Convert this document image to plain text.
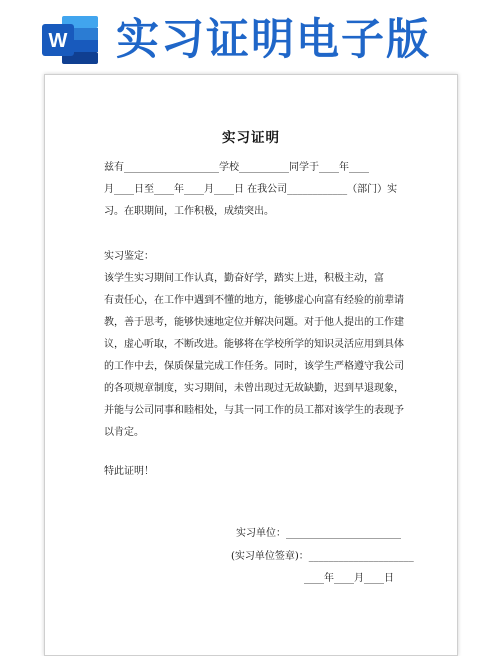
W 实习证明电子版
实习证明
兹有___________________学校__________同学于____年____
月____日至____年____月____日 在我公司____________（部门）实
习。在职期间，工作积极，成绩突出。
实习鉴定：
该学生实习期间工作认真，勤奋好学，踏实上进，积极主动，富
有责任心，在工作中遇到不懂的地方，能够虚心向富有经验的前辈请
教，善于思考，能够快速地定位并解决问题。对于他人提出的工作建
议，虚心听取，不断改进。能够将在学校所学的知识灵活应用到具体
的工作中去，保质保量完成工作任务。同时，该学生严格遵守我公司
的各项规章制度，实习期间，未曾出现过无故缺勤，迟到早退现象，
并能与公司同事和睦相处，与其一同工作的员工都对该学生的表现予
以肯定。
特此证明！
实习单位：_______________________
(实习单位签章)：_____________________
____年____月____日
